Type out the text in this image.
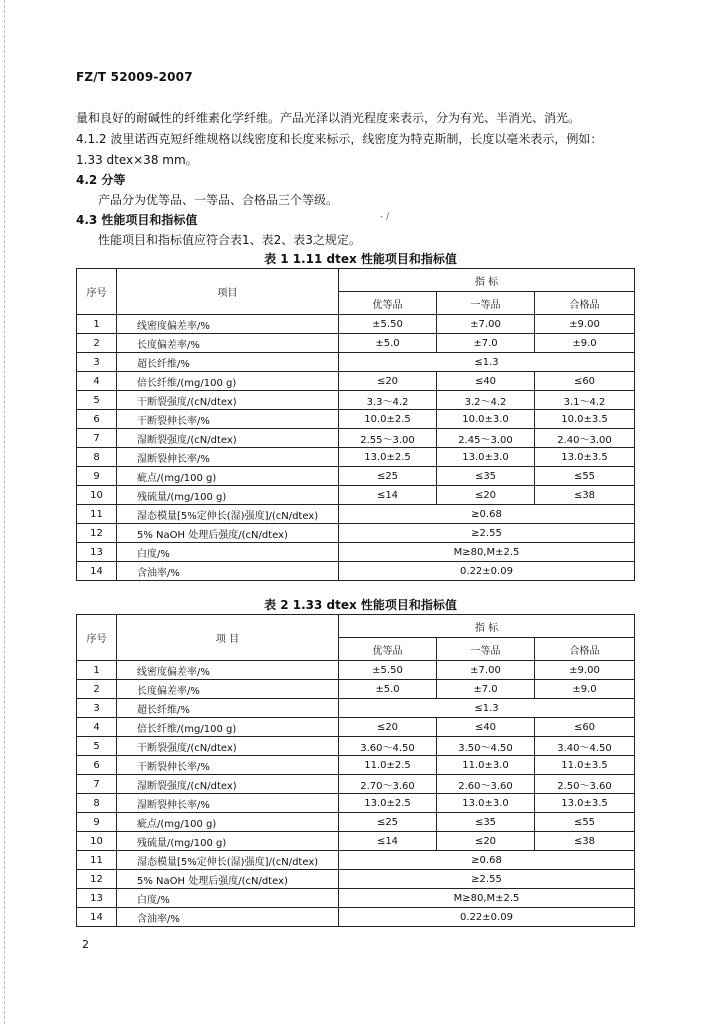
FZ/T 52009-2007
量和良好的耐碱性的纤维素化学纤维。产品光泽以消光程度来表示，分为有光、半消光、消光。
4.1.2 波里诺西克短纤维规格以线密度和长度来标示，线密度为特克斯制，长度以毫米表示，例如：
1.33 dtex×38 mm。
4.2 分等
产品分为优等品、一等品、合格品三个等级。
4.3 性能项目和指标值	- /
性能项目和指标值应符合表1、表2、表3之规定。
表 1 1.11 dtex 性能项目和指标值
序号	项目	指 标		
		优等品	一等品	合格品
1	线密度偏差率/%	±5.50	±7.00	±9.00
2	长度偏差率/%	±5.0	±7.0	±9.0
3	超长纤维/%	≤1.3		
4	倍长纤维/(mg/100 g)	≤20	≤40	≤60
5	干断裂强度/(cN/dtex)	3.3～4.2	3.2～4.2	3.1～4.2
6	干断裂伸长率/%	10.0±2.5	10.0±3.0	10.0±3.5
7	湿断裂强度/(cN/dtex)	2.55～3.00	2.45～3.00	2.40～3.00
8	湿断裂伸长率/%	13.0±2.5	13.0±3.0	13.0±3.5
9	疵点/(mg/100 g)	≤25	≤35	≤55
10	残硫量/(mg/100 g)	≤14	≤20	≤38
11	湿态模量[5%定伸长(湿)强度]/(cN/dtex)	≥0.68		
12	5% NaOH 处理后强度/(cN/dtex)	≥2.55		
13	白度/%	M≥80,M±2.5		
14	含油率/%	0.22±0.09		
表 2 1.33 dtex 性能项目和指标值
序号	项 目	指 标		
		优等品	一等品	合格品
1	线密度偏差率/%	±5.50	±7.00	±9.00
2	长度偏差率/%	±5.0	±7.0	±9.0
3	超长纤维/%	≤1.3		
4	倍长纤维/(mg/100 g)	≤20	≤40	≤60
5	干断裂强度/(cN/dtex)	3.60～4.50	3.50～4.50	3.40～4.50
6	干断裂伸长率/%	11.0±2.5	11.0±3.0	11.0±3.5
7	湿断裂强度/(cN/dtex)	2.70～3.60	2.60～3.60	2.50～3.60
8	湿断裂伸长率/%	13.0±2.5	13.0±3.0	13.0±3.5
9	疵点/(mg/100 g)	≤25	≤35	≤55
10	残硫量/(mg/100 g)	≤14	≤20	≤38
11	湿态模量[5%定伸长(湿)强度]/(cN/dtex)	≥0.68		
12	5% NaOH 处理后强度/(cN/dtex)	≥2.55		
13	白度/%	M≥80,M±2.5		
14	含油率/%	0.22±0.09		
2
